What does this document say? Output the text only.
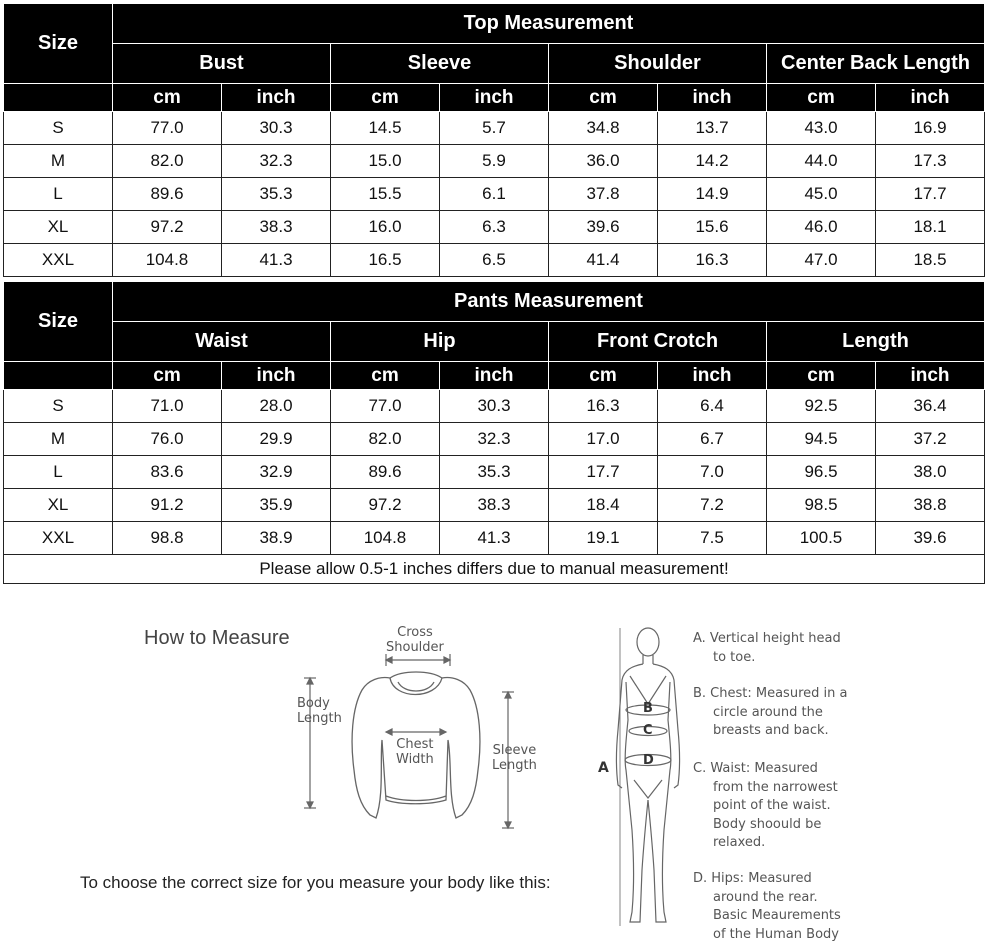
Size	Top Measurement							
	Bust		Sleeve		Shoulder		Center Back Length	
	cm	inch	cm	inch	cm	inch	cm	inch
S	77.0	30.3	14.5	5.7	34.8	13.7	43.0	16.9
M	82.0	32.3	15.0	5.9	36.0	14.2	44.0	17.3
L	89.6	35.3	15.5	6.1	37.8	14.9	45.0	17.7
XL	97.2	38.3	16.0	6.3	39.6	15.6	46.0	18.1
XXL	104.8	41.3	16.5	6.5	41.4	16.3	47.0	18.5
Size	Pants Measurement							
	Waist		Hip		Front Crotch		Length	
	cm	inch	cm	inch	cm	inch	cm	inch
S	71.0	28.0	77.0	30.3	16.3	6.4	92.5	36.4
M	76.0	29.9	82.0	32.3	17.0	6.7	94.5	37.2
L	83.6	32.9	89.6	35.3	17.7	7.0	96.5	38.0
XL	91.2	35.9	97.2	38.3	18.4	7.2	98.5	38.8
XXL	98.8	38.9	104.8	41.3	19.1	7.5	100.5	39.6
Please allow 0.5-1 inches differs due to manual measurement!								
How to Measure	Cross
Shoulder
Body
Length
Chest
Width
Sleeve
Length
To choose the correct size for you measure your body like this:
A
B
C
D
A. Vertical height head
to toe.
B. Chest: Measured in a
circle around the
breasts and back.
C. Waist: Measured
from the narrowest
point of the waist.
Body shoould be
relaxed.
D. Hips: Measured
around the rear.
Basic Meaurements
of the Human Body
